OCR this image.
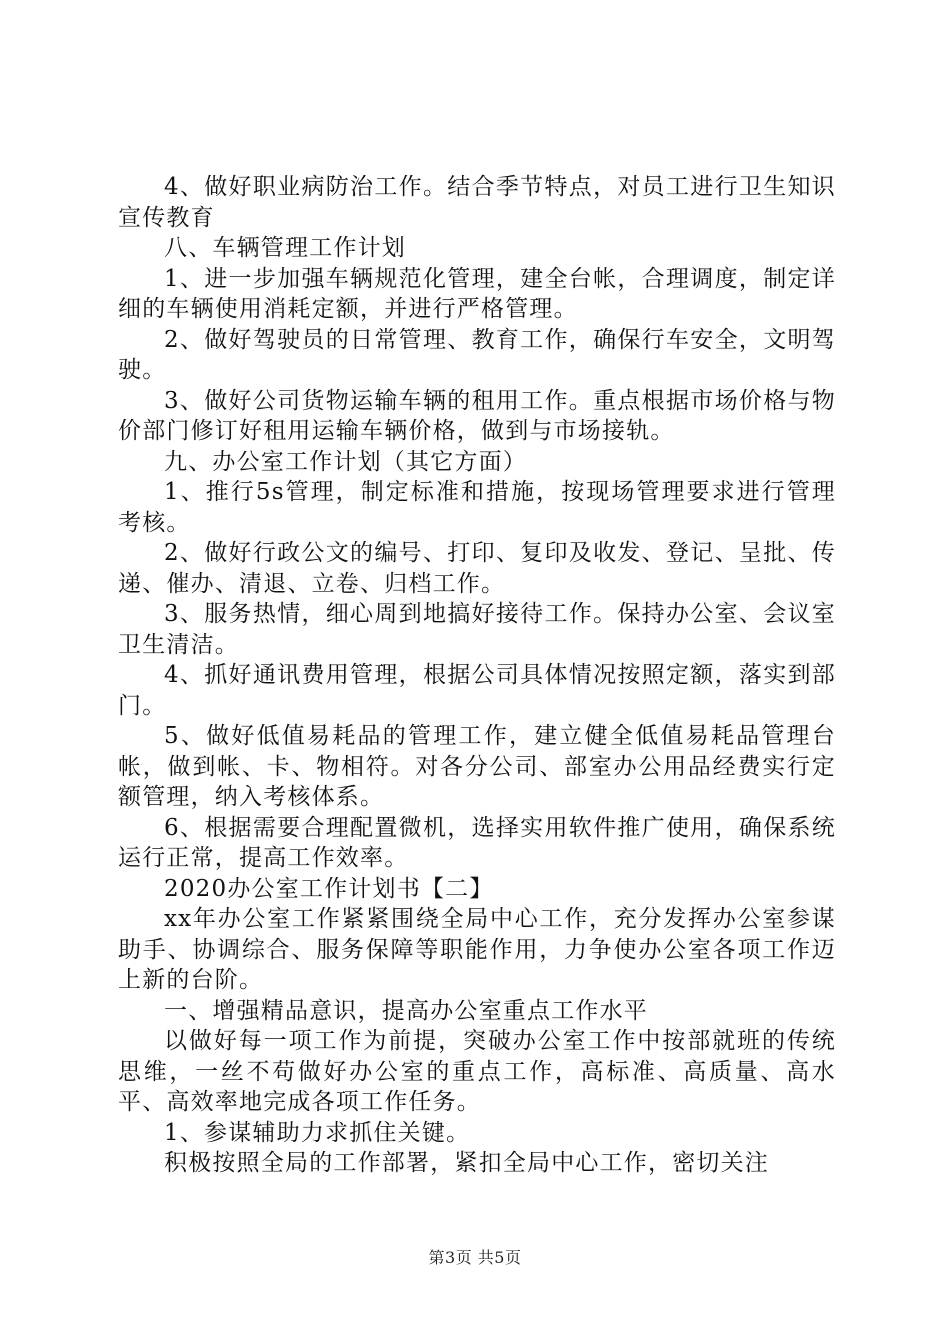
4、做好职业病防治工作。结合季节特点，对员工进行卫生知识宣传教育

八、车辆管理工作计划

1、进一步加强车辆规范化管理，建全台帐，合理调度，制定详细的车辆使用消耗定额，并进行严格管理。

2、做好驾驶员的日常管理、教育工作，确保行车安全，文明驾驶。

3、做好公司货物运输车辆的租用工作。重点根据市场价格与物价部门修订好租用运输车辆价格，做到与市场接轨。

九、办公室工作计划（其它方面）

1、推行5s管理，制定标准和措施，按现场管理要求进行管理考核。

2、做好行政公文的编号、打印、复印及收发、登记、呈批、传递、催办、清退、立卷、归档工作。

3、服务热情，细心周到地搞好接待工作。保持办公室、会议室卫生清洁。

4、抓好通讯费用管理，根据公司具体情况按照定额，落实到部门。

5、做好低值易耗品的管理工作，建立健全低值易耗品管理台帐，做到帐、卡、物相符。对各分公司、部室办公用品经费实行定额管理，纳入考核体系。

6、根据需要合理配置微机，选择实用软件推广使用，确保系统运行正常，提高工作效率。

2020办公室工作计划书【二】

xx年办公室工作紧紧围绕全局中心工作，充分发挥办公室参谋助手、协调综合、服务保障等职能作用，力争使办公室各项工作迈上新的台阶。

一、增强精品意识，提高办公室重点工作水平

以做好每一项工作为前提，突破办公室工作中按部就班的传统思维，一丝不苟做好办公室的重点工作，高标准、高质量、高水平、高效率地完成各项工作任务。

1、参谋辅助力求抓住关键。

积极按照全局的工作部署，紧扣全局中心工作，密切关注

第3页 共5页
